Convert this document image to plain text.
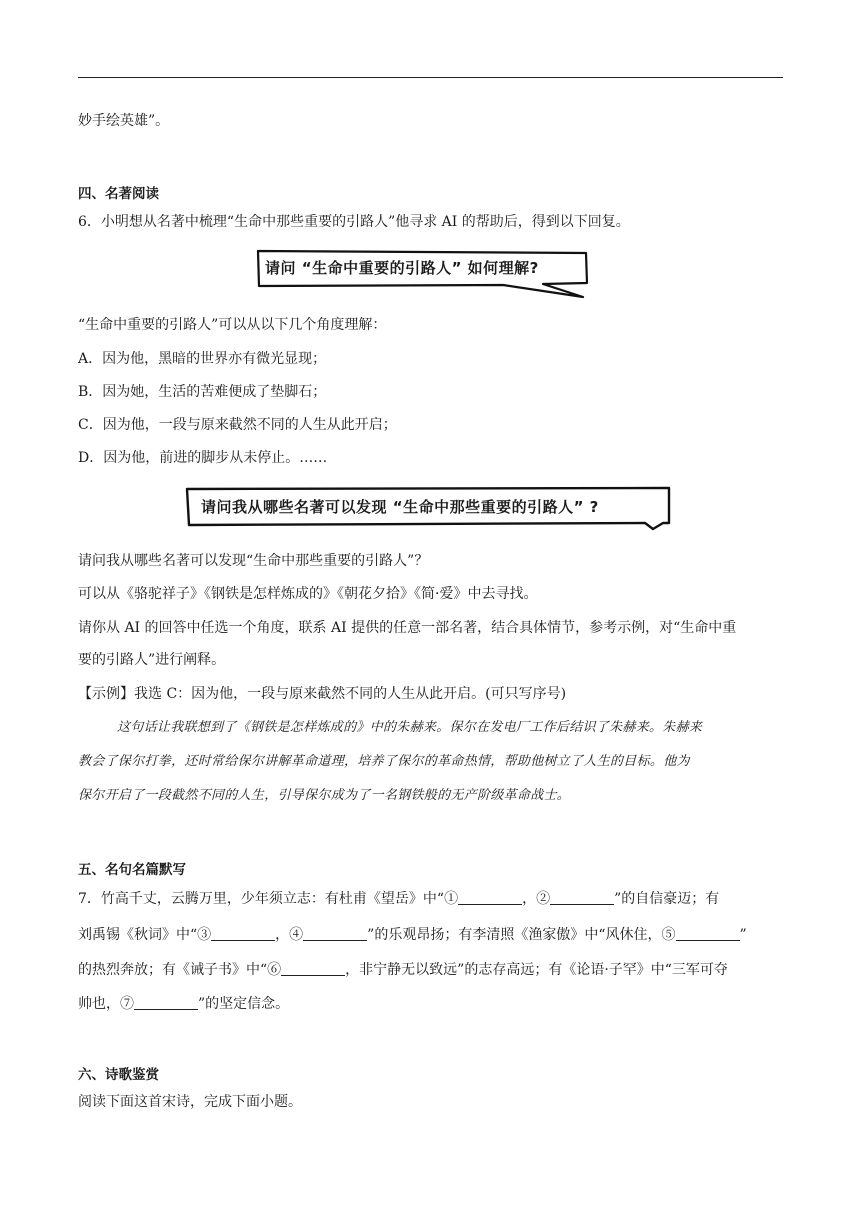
妙手绘英雄”。
四、名著阅读
6．小明想从名著中梳理“生命中那些重要的引路人”他寻求 AI 的帮助后，得到以下回复。
请问 “生命中重要的引路人” 如何理解?
“生命中重要的引路人”可以从以下几个角度理解：
A．因为他，黑暗的世界亦有微光显现；
B．因为她，生活的苦难便成了垫脚石；
C．因为他，一段与原来截然不同的人生从此开启；
D．因为他，前进的脚步从未停止。……
请问我从哪些名著可以发现 “生命中那些重要的引路人” ?
请问我从哪些名著可以发现“生命中那些重要的引路人”？
可以从《骆驼祥子》《钢铁是怎样炼成的》《朝花夕拾》《简·爱》中去寻找。
请你从 AI 的回答中任选一个角度，联系 AI 提供的任意一部名著，结合具体情节，参考示例，对“生命中重
要的引路人”进行阐释。
【示例】我选 C：因为他，一段与原来截然不同的人生从此开启。(可只写序号)
这句话让我联想到了《钢铁是怎样炼成的》中的朱赫来。保尔在发电厂工作后结识了朱赫来。朱赫来
教会了保尔打拳，还时常给保尔讲解革命道理，培养了保尔的革命热情，帮助他树立了人生的目标。他为
保尔开启了一段截然不同的人生，引导保尔成为了一名钢铁般的无产阶级革命战士。
五、名句名篇默写
7．竹高千丈，云腾万里，少年须立志：有杜甫《望岳》中“①	，②	”的自信豪迈；有
刘禹锡《秋词》中“③	，④	”的乐观昂扬；有李清照《渔家傲》中“风休住，⑤	”
的热烈奔放；有《诫子书》中“⑥	，非宁静无以致远”的志存高远；有《论语·子罕》中“三军可夺
帅也，⑦	”的坚定信念。
六、诗歌鉴赏
阅读下面这首宋诗，完成下面小题。
